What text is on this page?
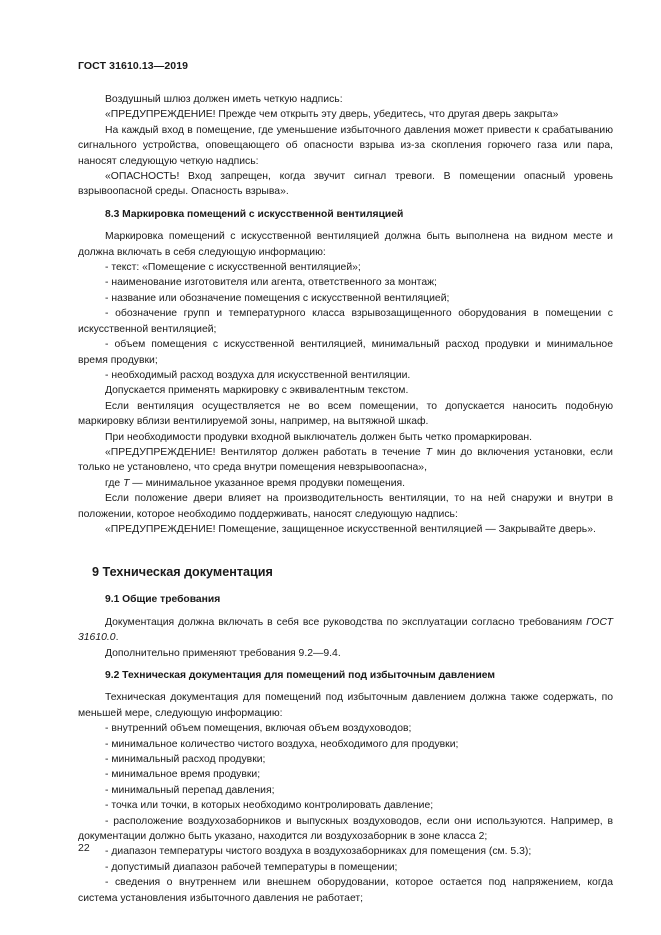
ГОСТ 31610.13—2019

Воздушный шлюз должен иметь четкую надпись:

«ПРЕДУПРЕЖДЕНИЕ! Прежде чем открыть эту дверь, убедитесь, что другая дверь закрыта»

На каждый вход в помещение, где уменьшение избыточного давления может привести к срабатыванию сигнального устройства, оповещающего об опасности взрыва из-за скопления горючего газа или пара, наносят следующую четкую надпись:

«ОПАСНОСТЬ! Вход запрещен, когда звучит сигнал тревоги. В помещении опасный уровень взрывоопасной среды. Опасность взрыва».

8.3 Маркировка помещений с искусственной вентиляцией

Маркировка помещений с искусственной вентиляцией должна быть выполнена на видном месте и должна включать в себя следующую информацию:

- текст: «Помещение с искусственной вентиляцией»;

- наименование изготовителя или агента, ответственного за монтаж;

- название или обозначение помещения с искусственной вентиляцией;

- обозначение групп и температурного класса взрывозащищенного оборудования в помещении с искусственной вентиляцией;

- объем помещения с искусственной вентиляцией, минимальный расход продувки и минимальное время продувки;

- необходимый расход воздуха для искусственной вентиляции.

Допускается применять маркировку с эквивалентным текстом.

Если вентиляция осуществляется не во всем помещении, то допускается наносить подобную маркировку вблизи вентилируемой зоны, например, на вытяжной шкаф.

При необходимости продувки входной выключатель должен быть четко промаркирован.

«ПРЕДУПРЕЖДЕНИЕ! Вентилятор должен работать в течение T мин до включения установки, если только не установлено, что среда внутри помещения невзрывоопасна»,

где T — минимальное указанное время продувки помещения.

Если положение двери влияет на производительность вентиляции, то на ней снаружи и внутри в положении, которое необходимо поддерживать, наносят следующую надпись:

«ПРЕДУПРЕЖДЕНИЕ! Помещение, защищенное искусственной вентиляцией — Закрывайте дверь».

9 Техническая документация

9.1 Общие требования

Документация должна включать в себя все руководства по эксплуатации согласно требованиям ГОСТ 31610.0.

Дополнительно применяют требования 9.2—9.4.

9.2 Техническая документация для помещений под избыточным давлением

Техническая документация для помещений под избыточным давлением должна также содержать, по меньшей мере, следующую информацию:

- внутренний объем помещения, включая объем воздуховодов;

- минимальное количество чистого воздуха, необходимого для продувки;

- минимальный расход продувки;

- минимальное время продувки;

- минимальный перепад давления;

- точка или точки, в которых необходимо контролировать давление;

- расположение воздухозаборников и выпускных воздуховодов, если они используются. Например, в документации должно быть указано, находится ли воздухозаборник в зоне класса 2;

- диапазон температуры чистого воздуха в воздухозаборниках для помещения (см. 5.3);

- допустимый диапазон рабочей температуры в помещении;

- сведения о внутреннем или внешнем оборудовании, которое остается под напряжением, когда система установления избыточного давления не работает;

22
